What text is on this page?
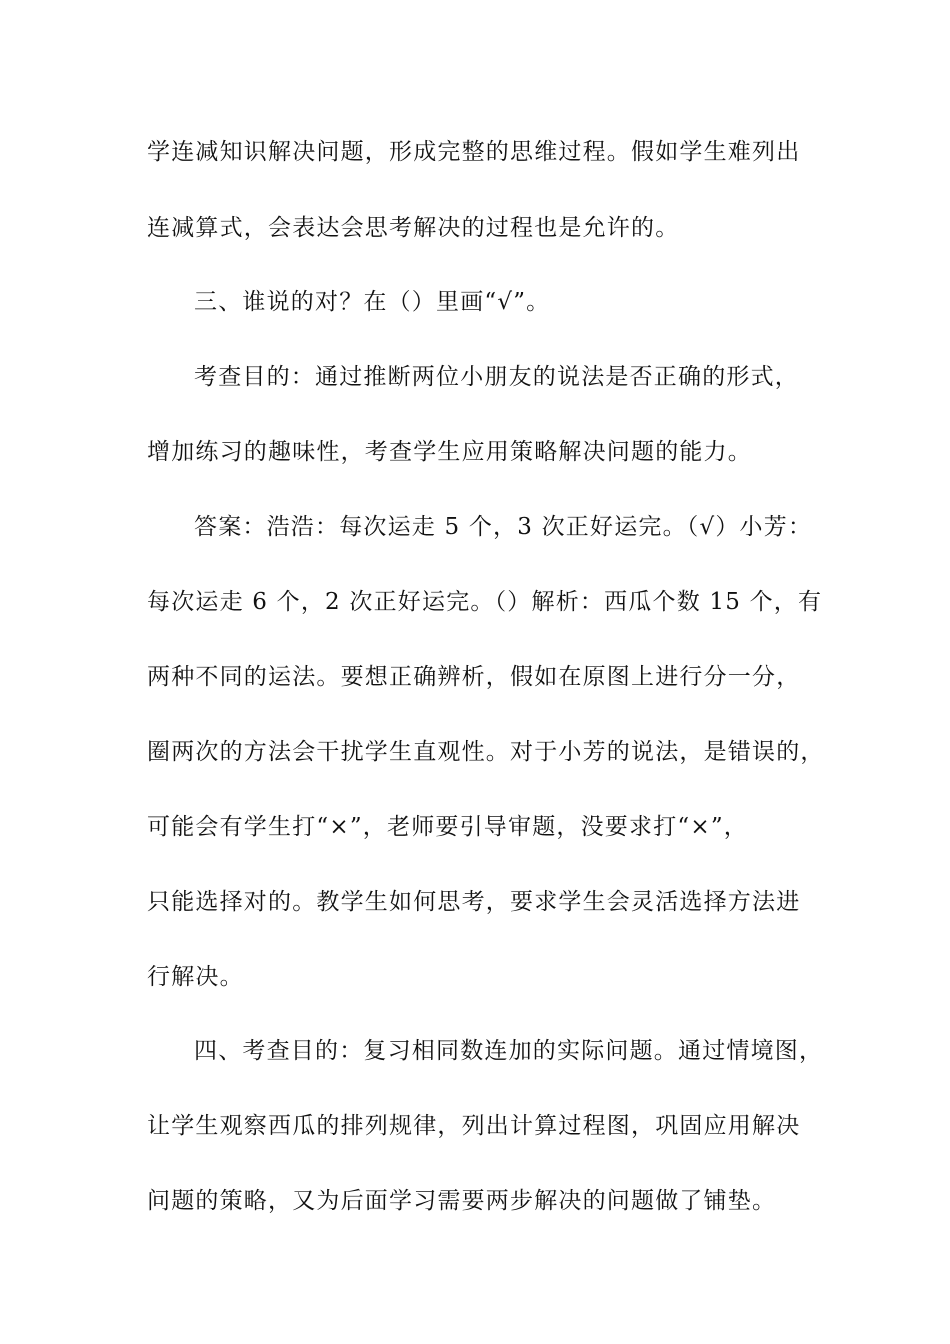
学连减知识解决问题，形成完整的思维过程。假如学生难列出
连减算式，会表达会思考解决的过程也是允许的。
三、谁说的对？在（）里画“√”。
考查目的：通过推断两位小朋友的说法是否正确的形式，
增加练习的趣味性，考查学生应用策略解决问题的能力。
答案：浩浩：每次运走 5 个，3 次正好运完。（√）小芳：
每次运走 6 个，2 次正好运完。（）解析：西瓜个数 15 个，有
两种不同的运法。要想正确辨析，假如在原图上进行分一分，
圈两次的方法会干扰学生直观性。对于小芳的说法，是错误的，
可能会有学生打“×”，老师要引导审题，没要求打“×”，
只能选择对的。教学生如何思考，要求学生会灵活选择方法进
行解决。
四、考查目的：复习相同数连加的实际问题。通过情境图，
让学生观察西瓜的排列规律，列出计算过程图，巩固应用解决
问题的策略，又为后面学习需要两步解决的问题做了铺垫。
